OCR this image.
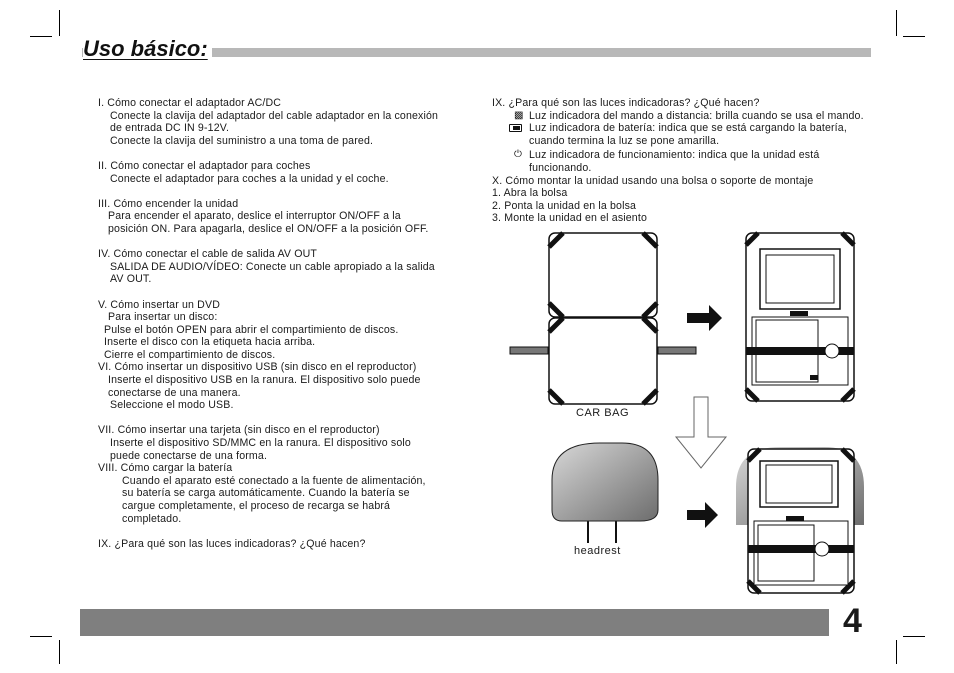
Uso básico:

I. Cómo conectar el adaptador AC/DC

Conecte la clavija del adaptador del cable adaptador en la conexión de entrada DC IN 9-12V.

Conecte la clavija del suministro a una toma de pared.

II. Cómo conectar el adaptador para coches

Conecte el adaptador para coches a la unidad y el coche.

III. Cómo encender la unidad

Para encender el aparato, deslice el interruptor ON/OFF a la posición ON. Para apagarla, deslice el ON/OFF a la posición OFF.

IV. Cómo conectar el cable de salida AV OUT

SALIDA DE AUDIO/VÍDEO: Conecte un cable apropiado a la salida AV OUT.

V. Cómo insertar un DVD

Para insertar un disco:

Pulse el botón OPEN para abrir el compartimiento de discos.

Inserte el disco con la etiqueta hacia arriba.

Cierre el compartimiento de discos.

VI. Cómo insertar un dispositivo USB (sin disco en el reproductor)

Inserte el dispositivo USB en la ranura. El dispositivo solo puede conectarse de una manera.

Seleccione el modo USB.

VII. Cómo insertar una tarjeta (sin disco en el reproductor)

Inserte el dispositivo SD/MMC en la ranura. El dispositivo solo puede conectarse de una forma.

VIII. Cómo cargar la batería

Cuando el aparato esté conectado a la fuente de alimentación, su batería se carga automáticamente. Cuando la batería se cargue completamente, el proceso de recarga se habrá completado.

IX. ¿Para qué son las luces indicadoras? ¿Qué hacen?

IX. ¿Para qué son las luces indicadoras? ¿Qué hacen?

▩ Luz indicadora del mando a distancia: brilla cuando se usa el mando.

Luz indicadora de batería: indica que se está cargando la batería, cuando termina la luz se pone amarilla.

⏻ Luz indicadora de funcionamiento: indica que la unidad está funcionando.

X. Cómo montar la unidad usando una bolsa o soporte de montaje

1. Abra la bolsa

2. Ponta la unidad en la bolsa

3. Monte la unidad en el asiento

CAR BAG
headrest
4
